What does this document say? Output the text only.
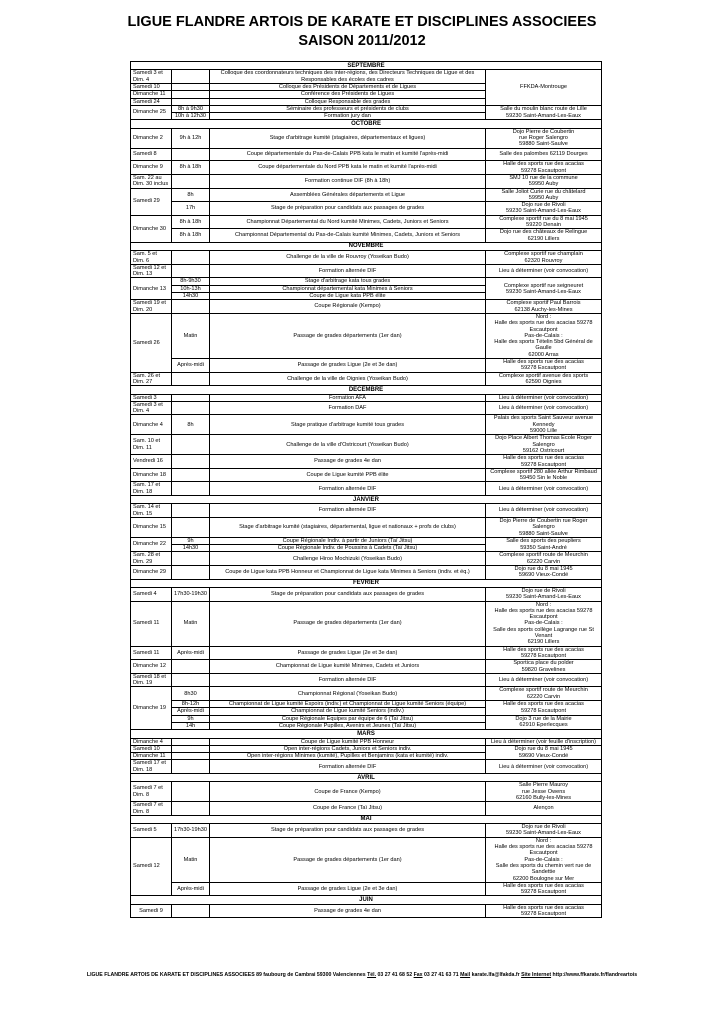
LIGUE FLANDRE ARTOIS DE KARATE ET DISCIPLINES ASSOCIEES
SAISON 2011/2012
SEPTEMBRE			
Samedi 3 et Dim. 4		Colloque des coordonnateurs techniques des inter-régions, des Directeurs Techniques de Ligue et des Responsables des écoles des cadres	FFKDA-Montrouge
Samedi 10		Colloque des Présidents de Départements et de Ligues	
Dimanche 11		Conférence des Présidents de Ligues	
Samedi 24		Colloque Responsable des grades	
Dimanche 25	8h à 9h30	Séminaire des professeurs et présidents de clubs	Salle du moulin blanc route de Lille
59230 Saint-Amand-Les-Eaux

	10h à 12h30	Formation jury dan	
OCTOBRE			
Dimanche 2	9h à 12h	Stage d'arbitrage kumité (stagiaires, départementaux et ligues)	Dojo Pierre de Coubertin
rue Roger Salengro
59880 Saint-Saulve

Samedi 8		Coupe départementale du Pas-de-Calais PPB kata le matin et kumité l'après-midi	Salle des palombes 62119 Dourges
Dimanche 9	8h à 18h	Coupe départementale du Nord PPB kata le matin et kumité l'après-midi	Halle des sports rue des acacias
59278 Escautpont

Sam. 22 au Dim. 30 inclus		Formation continue DIF (8h à 18h)	SMJ 10 rue de la commune
59950 Auby

Samedi 29	8h	Assemblées Générales départements et Ligue	Salle Joliot Curie rue du châtelard
59950 Auby

	17h	Stage de préparation pour candidats aux passages de grades	Dojo rue de Rivoli
59230 Saint-Amand-Les-Eaux

Dimanche 30	8h à 18h	Championnat Départemental du Nord kumité Minimes, Cadets, Juniors et Seniors	Complexe sportif rue du 8 mai 1945
59220 Denain

	8h à 18h	Championnat Départemental du Pas-de-Calais kumité Minimes, Cadets, Juniors et Seniors	Dojo rue des châteaux de Relingue
62190 Lillers

NOVEMBRE			
Sam. 5 et Dim. 6		Challenge de la ville de Rouvroy (Yoseikan Budo)	Complexe sportif rue champlain
62320 Rouvroy

Samedi 12 et Dim. 13		Formation alternée DIF	Lieu à déterminer (voir convocation)
Dimanche 13	8h-9h30	Stage d'arbitrage kata tous grades	Complexe sportif rue seigneuret
59230 Saint-Amand-Les-Eaux

	10h-13h	Championnat départemental kata Minimes à Seniors	
	14h30	Coupe de Ligue kata PPB élite	
Samedi 19 et Dim. 20		Coupe Régionale (Kempo)	Complexe sportif Paul Barrois
62138 Auchy-les-Mines

Samedi 26	Matin	Passage de grades départements (1er dan)	Nord :
Halle des sports rue des acacias 59278 Escautpont
Pas-de-Calais :
Halle des sports Tételin 5bd Général de Gaulle
62000 Arras

	Après-midi	Passage de grades Ligue (2e et 3e dan)	Halle des sports rue des acacias
59278 Escautpont

Sam. 26 et Dim. 27		Challenge de la ville de Oignies (Yoseikan Budo)	Complexe sportif avenue des sports
62590 Oignies

DECEMBRE			
Samedi 3		Formation AFA	Lieu à déterminer (voir convocation)
Samedi 3 et Dim. 4		Formation DAF	Lieu à déterminer (voir convocation)
Dimanche 4	8h	Stage pratique d'arbitrage kumité tous grades	Palais des sports Saint Sauveur avenue Kennedy
59000 Lille

Sam. 10 et Dim. 11		Challenge de la ville d'Ostricourt (Yoseikan Budo)	Dojo Place Albert Thomas Ecole Roger Salengro
59162 Ostricourt

Vendredi 16		Passage de grades 4e dan	Halle des sports rue des acacias
59278 Escautpont

Dimanche 18		Coupe de Ligue kumité PPB élite	Complexe sportif 280 allée Arthur Rimbaud
59450 Sin le Noble

Sam. 17 et Dim. 18		Formation alternée DIF	Lieu à déterminer (voir convocation)
JANVIER			
Sam. 14 et Dim. 15		Formation alternée DIF	Lieu à déterminer (voir convocation)
Dimanche 15		Stage d'arbitrage kumité (stagiaires, départemental, ligue et nationaux + profs de clubs)	Dojo Pierre de Coubertin rue Roger Salengro
59880 Saint-Saulve

Dimanche 22	9h	Coupe Régionale Indiv. à partir de Juniors (Taï Jitsu)	Salle des sports des peupliers
59350 Saint-André

	14h30	Coupe Régionale Indiv. de Poussins à Cadets (Taï Jitsu)	
Sam. 28 et Dim. 29		Challenge Hiroo Mochizuki (Yoseikan Budo)	Complexe sportif route de Meurchin
62220 Carvin

Dimanche 29		Coupe de Ligue kata PPB Honneur et Championnat de Ligue kata Minimes à Seniors (indiv. et éq.)	Dojo rue du 8 mai 1945
59690 Vieux-Condé

FEVRIER			
Samedi 4	17h30-19h30	Stage de préparation pour candidats aux passages de grades	Dojo rue de Rivoli
59230 Saint-Amand-Les-Eaux

Samedi 11	Matin	Passage de grades départements (1er dan)	Nord :
Halle des sports rue des acacias 59278 Escautpont
Pas-de-Calais :
Salle des sports collège Lagrange rue St Venant
62190 Lillers

Samedi 11	Après-midi	Passage de grades Ligue (2e et 3e dan)	Halle des sports rue des acacias
59278 Escautpont

Dimanche 12		Championnat de Ligue kumité Minimes, Cadets et Juniors	Sportica place du polder
59820 Gravelines

Samedi 18 et Dim. 19		Formation alternée DIF	Lieu à déterminer (voir convocation)
Dimanche 19	8h30	Championnat Régional (Yoseikan Budo)	Complexe sportif route de Meurchin
62220 Carvin

	8h-12h	Championnat de Ligue kumité Espoirs (indiv.) et Championnat de Ligue kumité Seniors (équipe)	Halle des sports rue des acacias
59278 Escautpont

	Après-midi	Championnat de Ligue kumité Seniors (indiv.)	
	9h	Coupe Régionale Equipes par équipe de 6 (Taï Jitsu)	Dojo 3 rue de la Mairie
62910 Eperlecques

	14h	Coupe Régionale Pupilles, Avenirs et Jeunes (Taï Jitsu)	
MARS			
Dimanche 4		Coupe de Ligue kumité PPB Honneur	Lieu à déterminer (voir feuille d'inscription)
Samedi 10		Open inter-régions Cadets, Juniors et Seniors indiv.	Dojo rue du 8 mai 1945
59690 Vieux-Condé

Dimanche 11		Open inter-régions Minimes (kumité), Pupilles et Benjamins (kata et kumité) indiv.	
Samedi 17 et Dim. 18		Formation alternée DIF	Lieu à déterminer (voir convocation)
AVRIL			
Samedi 7 et Dim. 8		Coupe de France (Kempo)	Salle Pierre Mauroy
rue Jesse Owens
62160 Bully-les-Mines

Samedi 7 et Dim. 8		Coupe de France (Taï Jitsu)	Alençon
MAI			
Samedi 5	17h30-19h30	Stage de préparation pour candidats aux passages de grades	Dojo rue de Rivoli
59230 Saint-Amand-Les-Eaux

Samedi 12	Matin	Passage de grades départements (1er dan)	Nord :
Halle des sports rue des acacias 59278 Escautpont
Pas-de-Calais :
Salle des sports du chemin vert rue de Sandettie
62200 Boulogne sur Mer

	Après-midi	Passage de grades Ligue (2e et 3e dan)	Halle des sports rue des acacias
59278 Escautpont

JUIN			
Samedi 9		Passage de grades 4e dan	Halle des sports rue des acacias
59278 Escautpont
LIGUE FLANDRE ARTOIS DE KARATE ET DISCIPLINES ASSOCIEES 89 faubourg de Cambrai 59300 Valenciennes Tél. 03 27 41 68 52 Fax 03 27 41 63 71 Mail karate.lfa@lfakda.fr Site Internet http://www.ffkarate.fr/flandreartois
